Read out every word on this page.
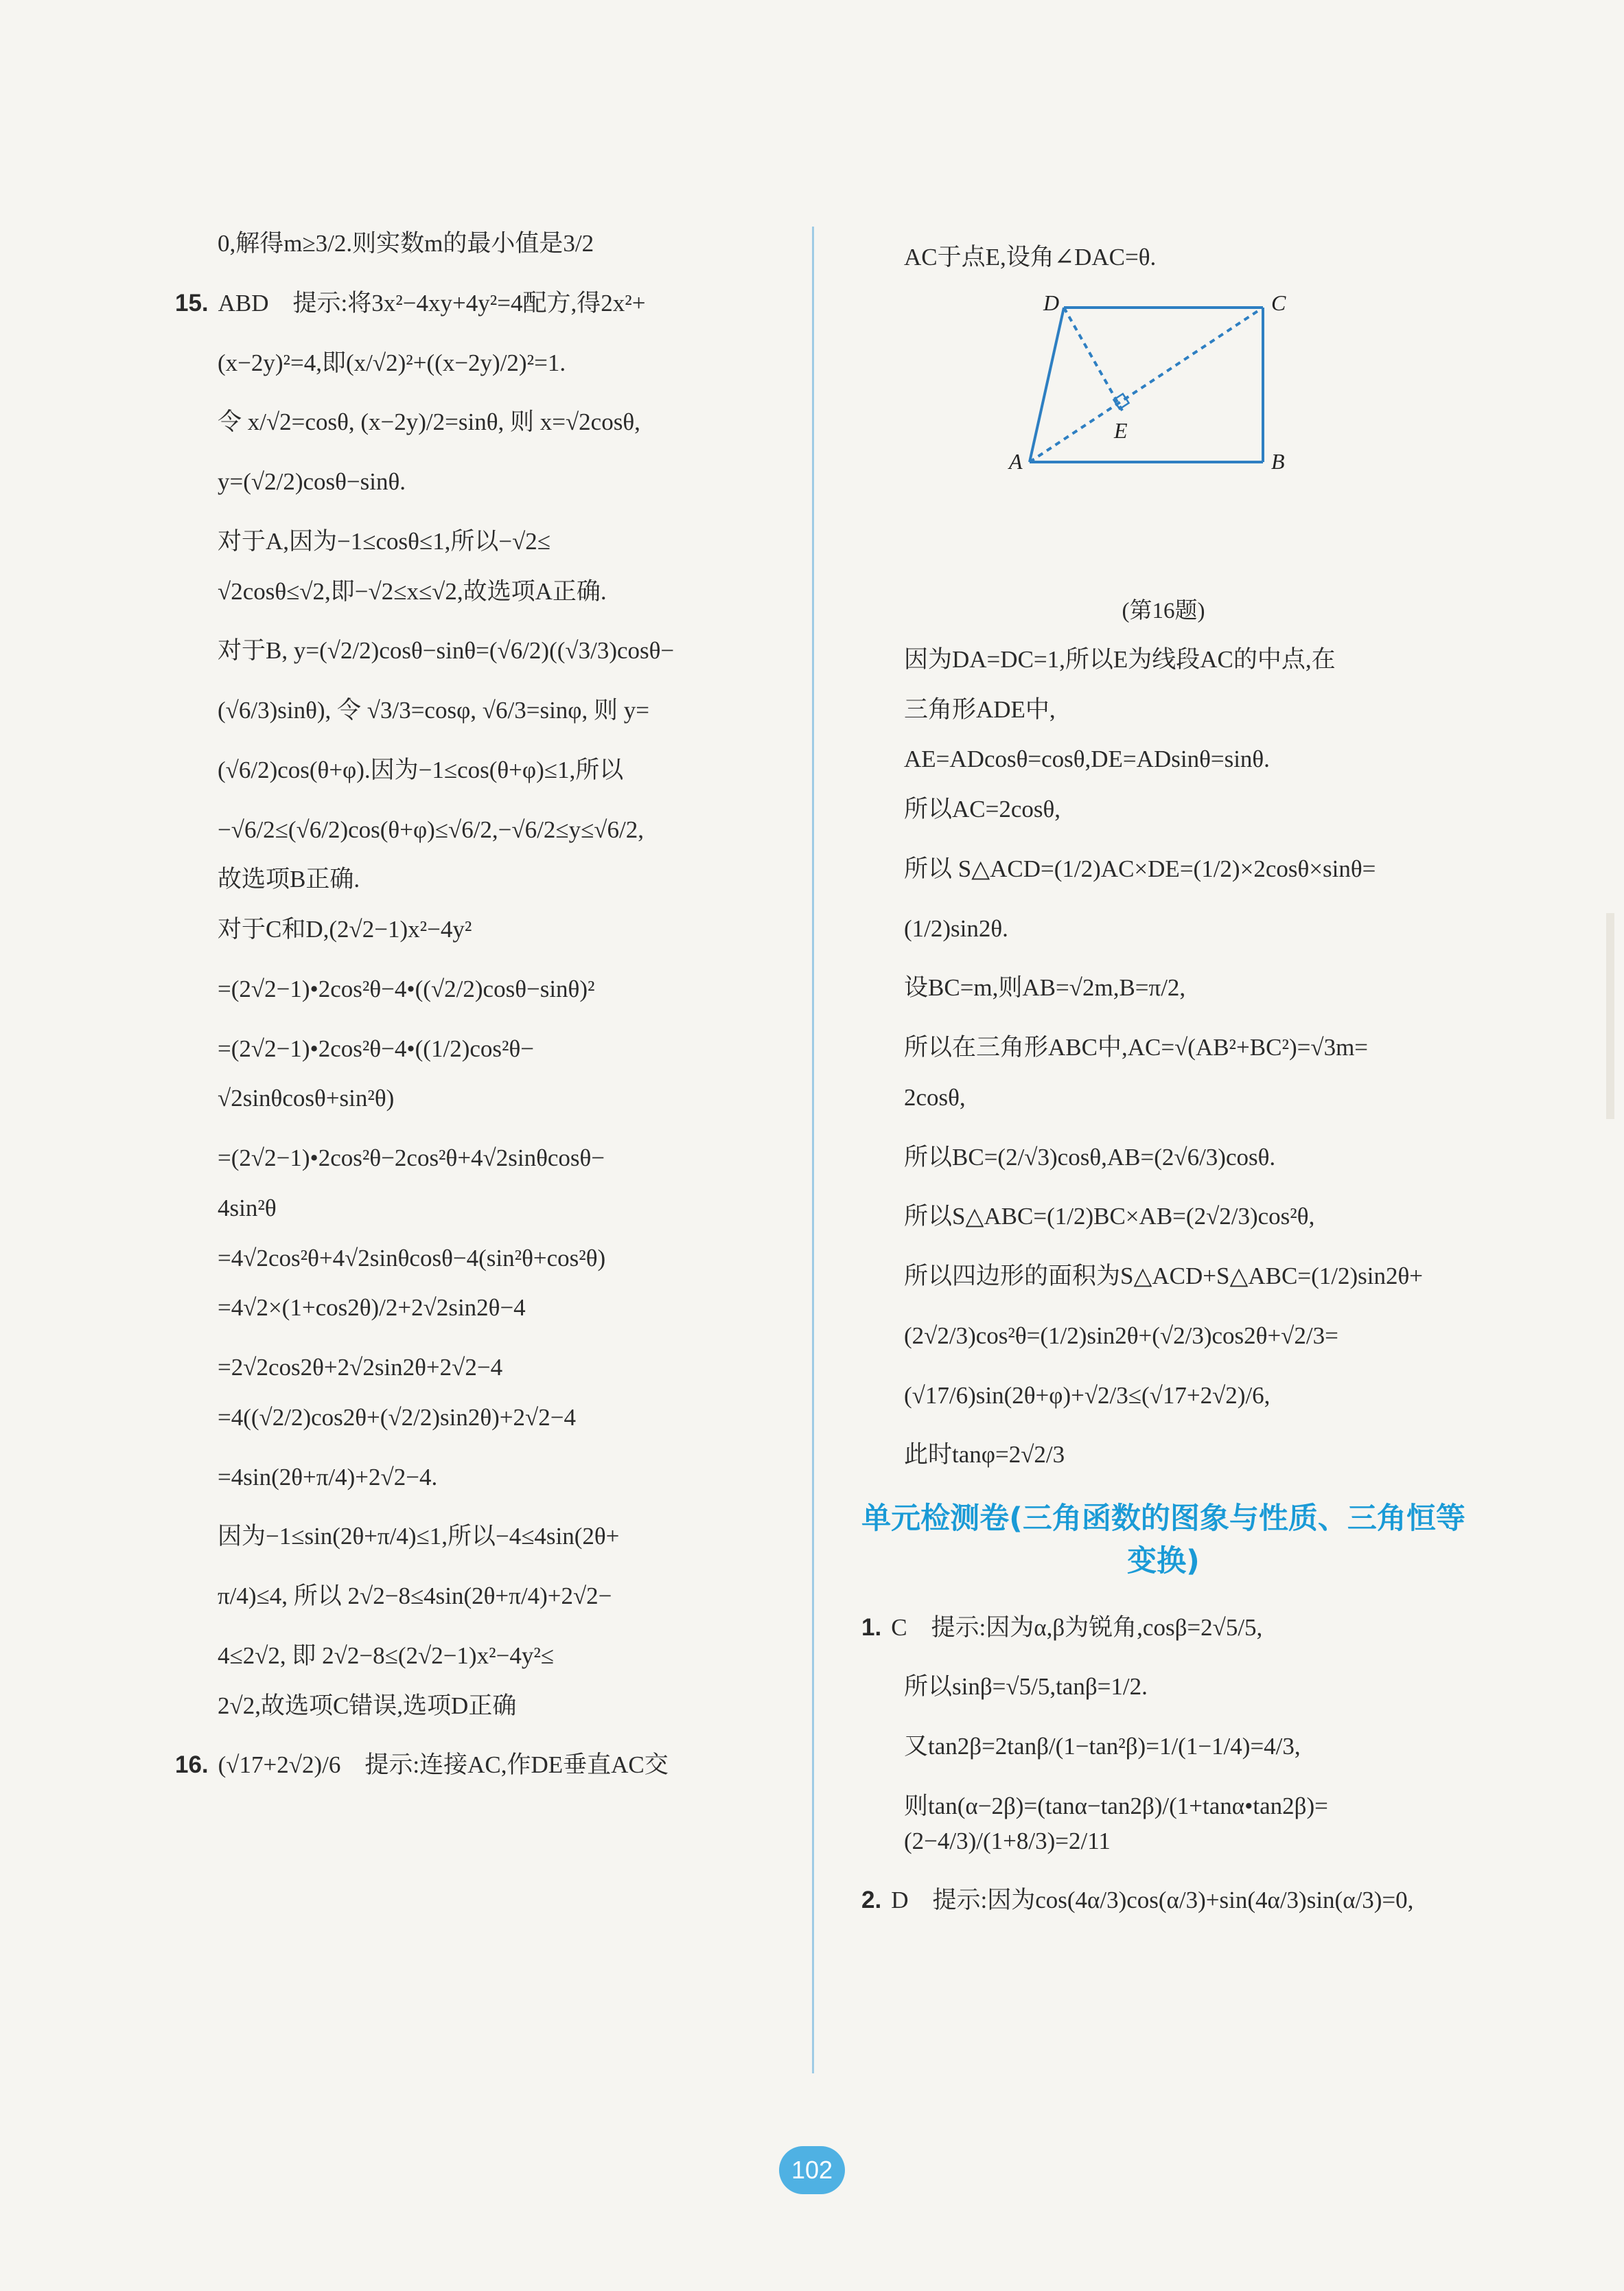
0,解得m≥3/2.则实数m的最小值是3/2

15. ABD　提示:将3x²−4xy+4y²=4配方,得2x²+

(x−2y)²=4,即(x/√2)²+((x−2y)/2)²=1.

令 x/√2=cosθ, (x−2y)/2=sinθ, 则 x=√2cosθ,

y=(√2/2)cosθ−sinθ.

对于A,因为−1≤cosθ≤1,所以−√2≤

√2cosθ≤√2,即−√2≤x≤√2,故选项A正确.

对于B, y=(√2/2)cosθ−sinθ=(√6/2)((√3/3)cosθ−

(√6/3)sinθ), 令 √3/3=cosφ, √6/3=sinφ, 则 y=

(√6/2)cos(θ+φ).因为−1≤cos(θ+φ)≤1,所以

−√6/2≤(√6/2)cos(θ+φ)≤√6/2,−√6/2≤y≤√6/2,

故选项B正确.

对于C和D,(2√2−1)x²−4y²

=(2√2−1)•2cos²θ−4•((√2/2)cosθ−sinθ)²

=(2√2−1)•2cos²θ−4•((1/2)cos²θ−

√2sinθcosθ+sin²θ)

=(2√2−1)•2cos²θ−2cos²θ+4√2sinθcosθ−

4sin²θ

=4√2cos²θ+4√2sinθcosθ−4(sin²θ+cos²θ)

=4√2×(1+cos2θ)/2+2√2sin2θ−4

=2√2cos2θ+2√2sin2θ+2√2−4

=4((√2/2)cos2θ+(√2/2)sin2θ)+2√2−4

=4sin(2θ+π/4)+2√2−4.

因为−1≤sin(2θ+π/4)≤1,所以−4≤4sin(2θ+

π/4)≤4, 所以 2√2−8≤4sin(2θ+π/4)+2√2−

4≤2√2, 即 2√2−8≤(2√2−1)x²−4y²≤

2√2,故选项C错误,选项D正确

16. (√17+2√2)/6　提示:连接AC,作DE垂直AC交

AC于点E,设角∠DAC=θ.

A	B
C
D
E

(第16题)

因为DA=DC=1,所以E为线段AC的中点,在

三角形ADE中,

AE=ADcosθ=cosθ,DE=ADsinθ=sinθ.

所以AC=2cosθ,

所以 S△ACD=(1/2)AC×DE=(1/2)×2cosθ×sinθ=

(1/2)sin2θ.

设BC=m,则AB=√2m,B=π/2,

所以在三角形ABC中,AC=√(AB²+BC²)=√3m=

2cosθ,

所以BC=(2/√3)cosθ,AB=(2√6/3)cosθ.

所以S△ABC=(1/2)BC×AB=(2√2/3)cos²θ,

所以四边形的面积为S△ACD+S△ABC=(1/2)sin2θ+

(2√2/3)cos²θ=(1/2)sin2θ+(√2/3)cos2θ+√2/3=

(√17/6)sin(2θ+φ)+√2/3≤(√17+2√2)/6,

此时tanφ=2√2/3

单元检测卷(三角函数的图象与性质、三角恒等变换)

1. C　提示:因为α,β为锐角,cosβ=2√5/5,

所以sinβ=√5/5,tanβ=1/2.

又tan2β=2tanβ/(1−tan²β)=1/(1−1/4)=4/3,

则tan(α−2β)=(tanα−tan2β)/(1+tanα•tan2β)=(2−4/3)/(1+8/3)=2/11

2. D　提示:因为cos(4α/3)cos(α/3)+sin(4α/3)sin(α/3)=0,

102
